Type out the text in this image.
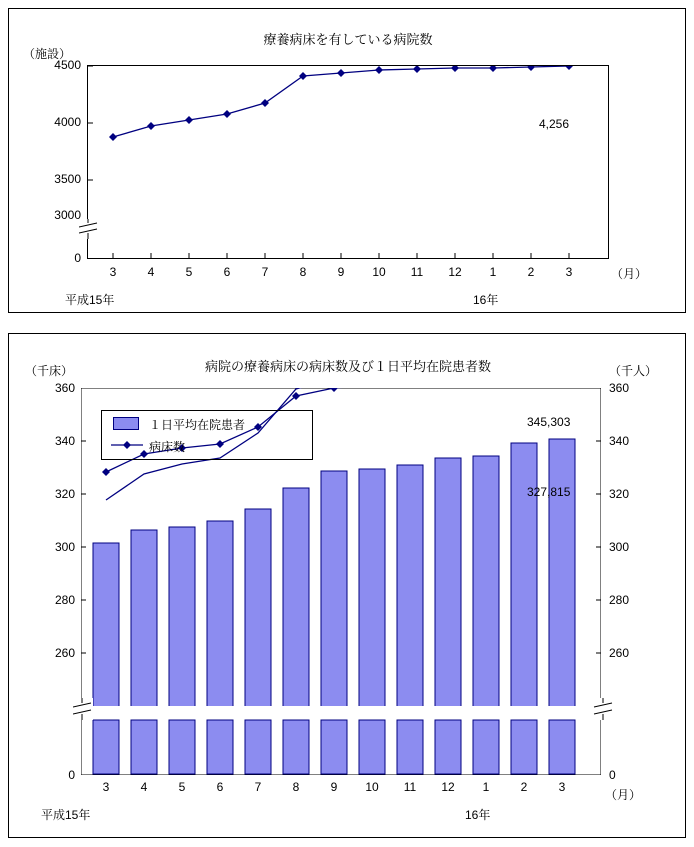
療養病床を有している病院数
（施設）
4500
4000
3500
3000
0
4,256
3	4	5	6	7	8	9	10	11	12	1	2	3	（月）
平成15年	16年
病院の療養病床の病床数及び１日平均在院患者数
（千床）	（千人）
360
340
320
300
280
260
0
360
340
320
300
280
260
0
１日平均在院患者
病床数
345,303
327,815
3	4	5	6	7	8	9	10	11	12	1	2	3
（月）
平成15年	16年
